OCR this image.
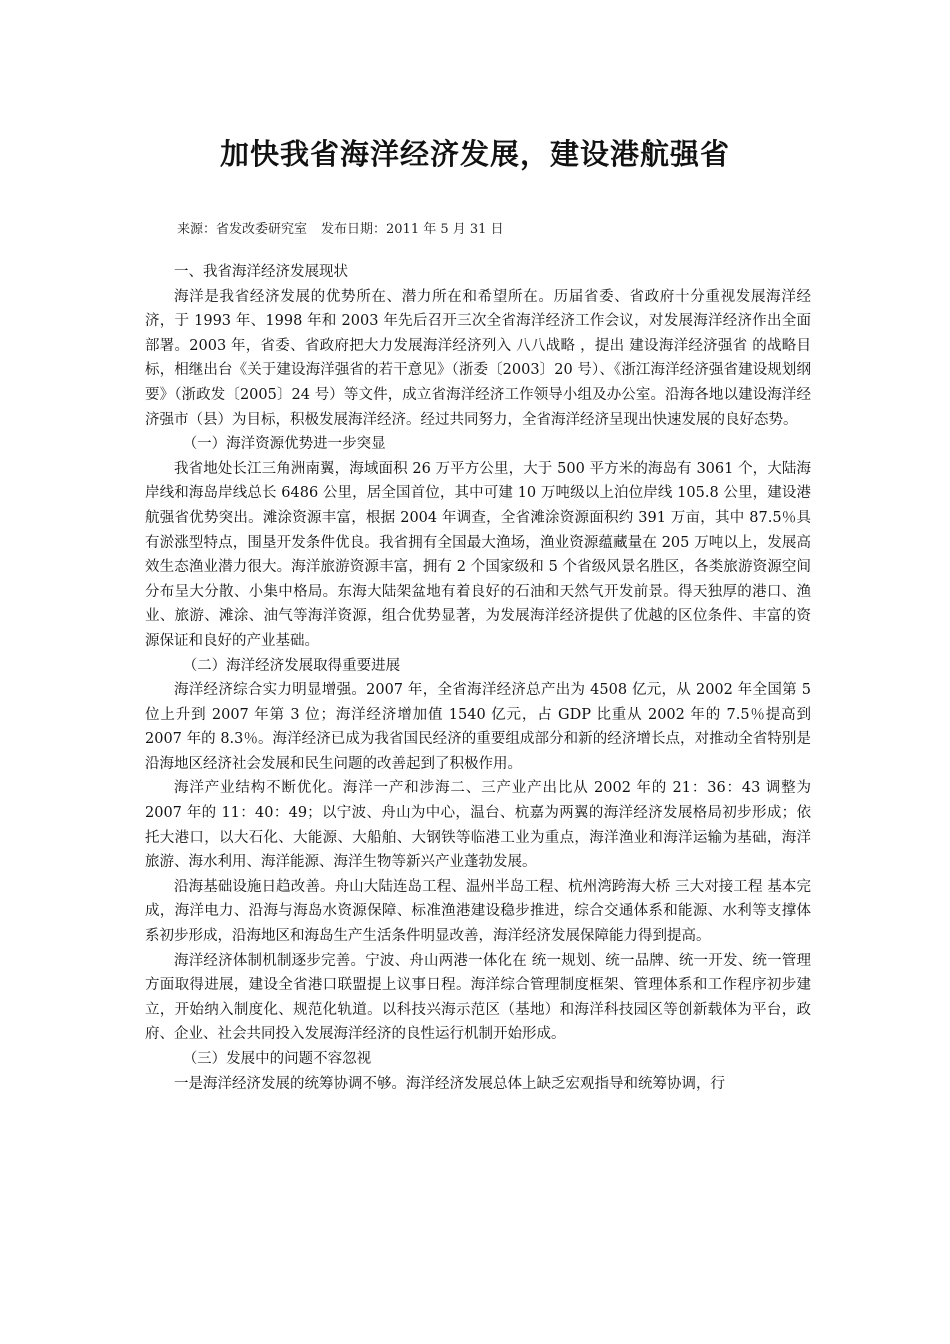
加快我省海洋经济发展，建设港航强省
来源：省发改委研究室 发布日期：2011 年 5 月 31 日

一、我省海洋经济发展现状

海洋是我省经济发展的优势所在、潜力所在和希望所在。历届省委、省政府十分重视发展海洋经济，于 1993 年、1998 年和 2003 年先后召开三次全省海洋经济工作会议，对发展海洋经济作出全面部署。2003 年，省委、省政府把大力发展海洋经济列入 八八战略 ，提出 建设海洋经济强省 的战略目标，相继出台《关于建设海洋强省的若干意见》（浙委〔2003〕20 号）、《浙江海洋经济强省建设规划纲要》（浙政发〔2005〕24 号）等文件，成立省海洋经济工作领导小组及办公室。沿海各地以建设海洋经济强市（县）为目标，积极发展海洋经济。经过共同努力，全省海洋经济呈现出快速发展的良好态势。

（一）海洋资源优势进一步突显

我省地处长江三角洲南翼，海域面积 26 万平方公里，大于 500 平方米的海岛有 3061 个，大陆海岸线和海岛岸线总长 6486 公里，居全国首位，其中可建 10 万吨级以上泊位岸线 105.8 公里，建设港航强省优势突出。滩涂资源丰富，根据 2004 年调查，全省滩涂资源面积约 391 万亩，其中 87.5％具有淤涨型特点，围垦开发条件优良。我省拥有全国最大渔场，渔业资源蕴藏量在 205 万吨以上，发展高效生态渔业潜力很大。海洋旅游资源丰富，拥有 2 个国家级和 5 个省级风景名胜区，各类旅游资源空间分布呈大分散、小集中格局。东海大陆架盆地有着良好的石油和天然气开发前景。得天独厚的港口、渔业、旅游、滩涂、油气等海洋资源，组合优势显著，为发展海洋经济提供了优越的区位条件、丰富的资源保证和良好的产业基础。

（二）海洋经济发展取得重要进展

海洋经济综合实力明显增强。2007 年，全省海洋经济总产出为 4508 亿元，从 2002 年全国第 5 位上升到 2007 年第 3 位；海洋经济增加值 1540 亿元，占 GDP 比重从 2002 年的 7.5％提高到 2007 年的 8.3％。海洋经济已成为我省国民经济的重要组成部分和新的经济增长点，对推动全省特别是沿海地区经济社会发展和民生问题的改善起到了积极作用。

海洋产业结构不断优化。海洋一产和涉海二、三产业产出比从 2002 年的 21：36：43 调整为 2007 年的 11：40：49；以宁波、舟山为中心，温台、杭嘉为两翼的海洋经济发展格局初步形成；依托大港口，以大石化、大能源、大船舶、大钢铁等临港工业为重点，海洋渔业和海洋运输为基础，海洋旅游、海水利用、海洋能源、海洋生物等新兴产业蓬勃发展。

沿海基础设施日趋改善。舟山大陆连岛工程、温州半岛工程、杭州湾跨海大桥 三大对接工程 基本完成，海洋电力、沿海与海岛水资源保障、标准渔港建设稳步推进，综合交通体系和能源、水利等支撑体系初步形成，沿海地区和海岛生产生活条件明显改善，海洋经济发展保障能力得到提高。

海洋经济体制机制逐步完善。宁波、舟山两港一体化在 统一规划、统一品牌、统一开发、统一管理 方面取得进展，建设全省港口联盟提上议事日程。海洋综合管理制度框架、管理体系和工作程序初步建立，开始纳入制度化、规范化轨道。以科技兴海示范区（基地）和海洋科技园区等创新载体为平台，政府、企业、社会共同投入发展海洋经济的良性运行机制开始形成。

（三）发展中的问题不容忽视

一是海洋经济发展的统筹协调不够。海洋经济发展总体上缺乏宏观指导和统筹协调，行
